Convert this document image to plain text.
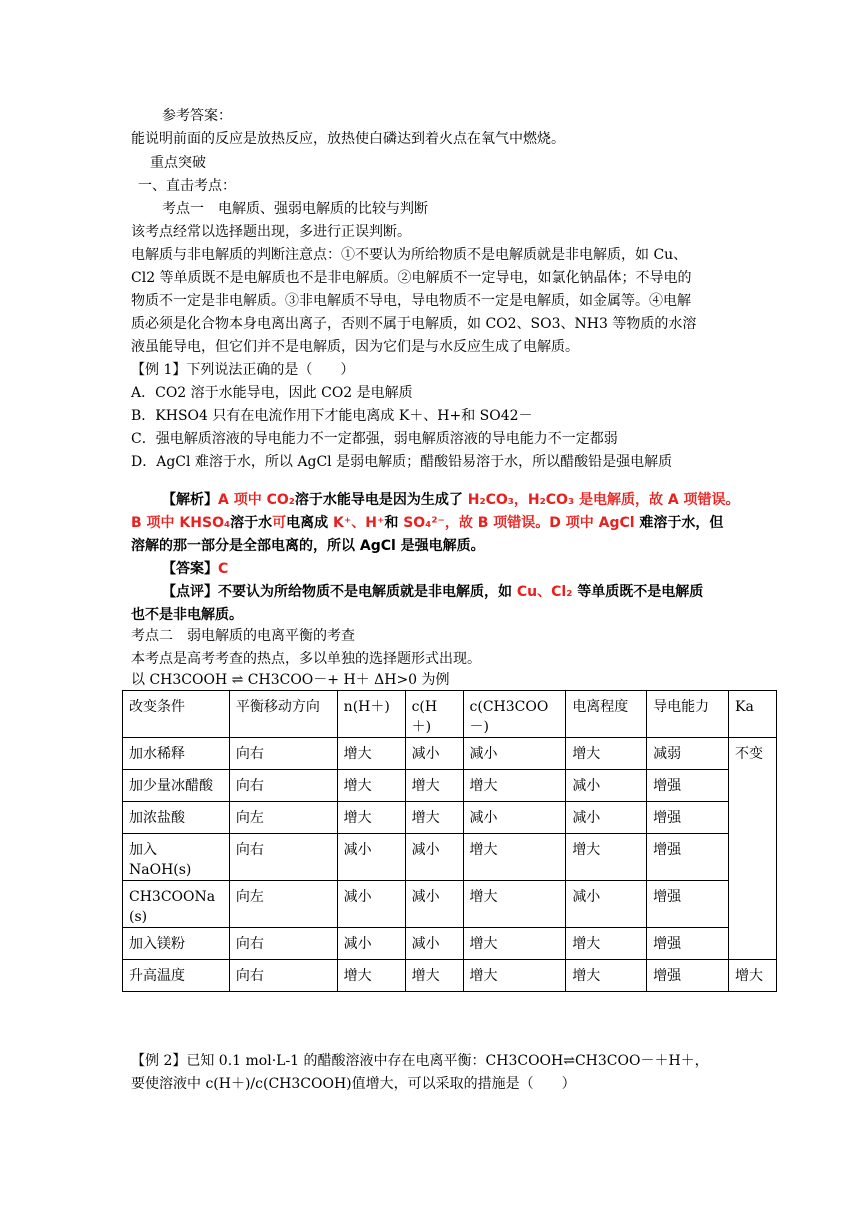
参考答案：
能说明前面的反应是放热反应，放热使白磷达到着火点在氧气中燃烧。
重点突破
一、直击考点：
考点一　电解质、强弱电解质的比较与判断
该考点经常以选择题出现，多进行正误判断。
电解质与非电解质的判断注意点：①不要认为所给物质不是电解质就是非电解质，如 Cu、
Cl2 等单质既不是电解质也不是非电解质。②电解质不一定导电，如氯化钠晶体；不导电的
物质不一定是非电解质。③非电解质不导电，导电物质不一定是电解质，如金属等。④电解
质必须是化合物本身电离出离子，否则不属于电解质，如 CO2、SO3、NH3 等物质的水溶
液虽能导电，但它们并不是电解质，因为它们是与水反应生成了电解质。
【例 1】下列说法正确的是（　　）
A．CO2 溶于水能导电，因此 CO2 是电解质
B．KHSO4 只有在电流作用下才能电离成 K＋、H+和 SO42－
C．强电解质溶液的导电能力不一定都强，弱电解质溶液的导电能力不一定都弱
D．AgCl 难溶于水，所以 AgCl 是弱电解质；醋酸铅易溶于水，所以醋酸铅是强电解质
【解析】A 项中 CO₂溶于水能导电是因为生成了 H₂CO₃，H₂CO₃ 是电解质，故 A 项错误。
B 项中 KHSO₄溶于水可电离成 K⁺、H⁺和 SO₄²⁻，故 B 项错误。D 项中 AgCl 难溶于水，但
溶解的那一部分是全部电离的，所以 AgCl 是强电解质。
【答案】C
【点评】不要认为所给物质不是电解质就是非电解质，如 Cu、Cl₂ 等单质既不是电解质
也不是非电解质。
考点二　弱电解质的电离平衡的考查
本考点是高考考查的热点，多以单独的选择题形式出现。
以 CH3COOH ⇌ CH3COO－+ H＋ ΔH>0 为例
改变条件	平衡移动方向	n(H＋)	c(H＋)	c(CH3COO－)	电离程度	导电能力	Ka
加水稀释	向右	增大	减小	减小	增大	减弱	不变
加少量冰醋酸	向右	增大	增大	增大	减小	增强	
加浓盐酸	向左	增大	增大	减小	减小	增强	
加入 NaOH(s)	向右	减小	减小	增大	增大	增强	
CH3COONa(s)	向左	减小	减小	增大	减小	增强	
加入镁粉	向右	减小	减小	增大	增大	增强	
升高温度	向右	增大	增大	增大	增大	增强	增大
【例 2】已知 0.1 mol·L-1 的醋酸溶液中存在电离平衡：CH3COOH⇌CH3COO－＋H＋，
要使溶液中 c(H＋)/c(CH3COOH)值增大，可以采取的措施是（　　）
